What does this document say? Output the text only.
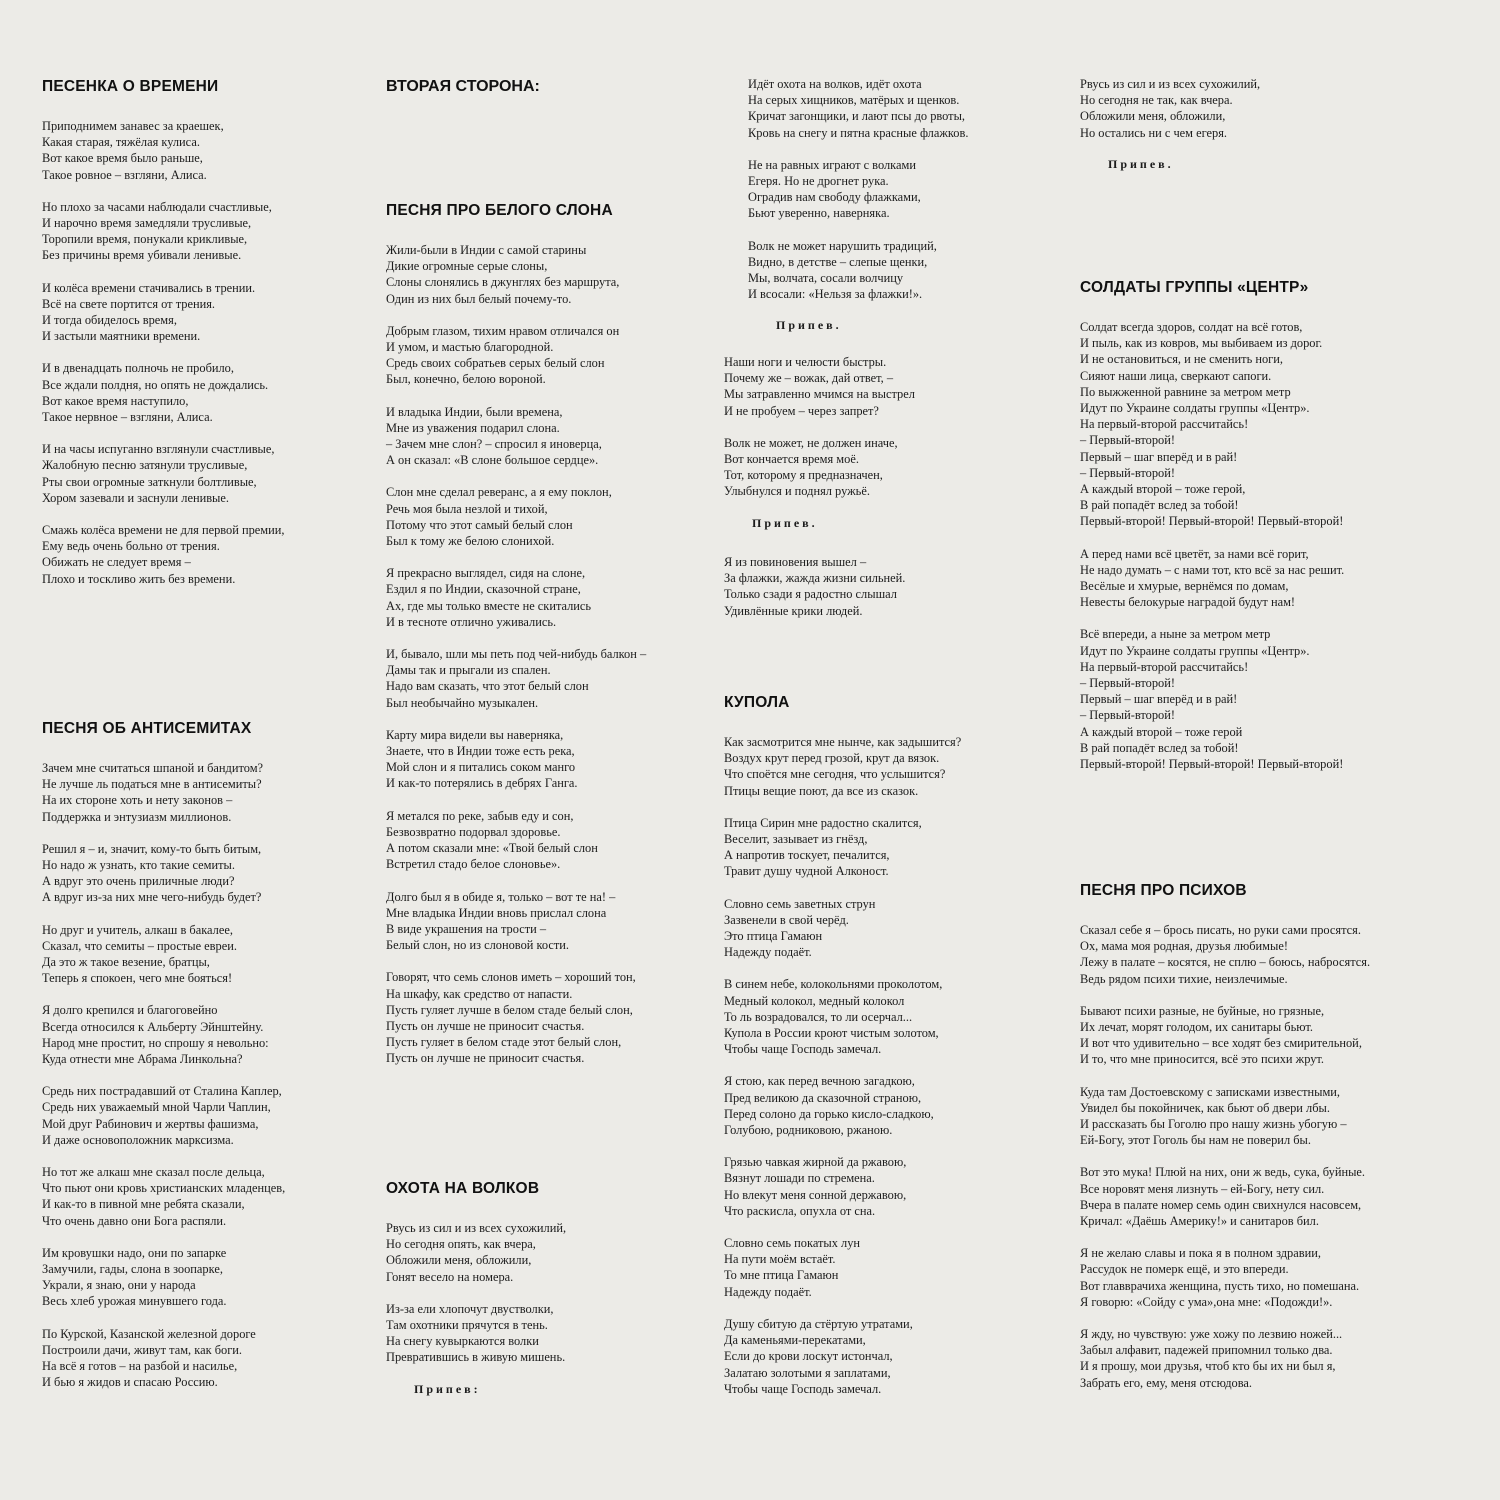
ПЕСЕНКА О ВРЕМЕНИ
Приподнимем занавес за краешек,
Какая старая, тяжёлая кулиса.
Вот какое время было раньше,
Такое ровное – взгляни, Алиса.
Но плохо за часами наблюдали счастливые,
И нарочно время замедляли трусливые,
Торопили время, понукали крикливые,
Без причины время убивали ленивые.
И колёса времени стачивались в трении.
Всё на свете портится от трения.
И тогда обиделось время,
И застыли маятники времени.
И в двенадцать полночь не пробило,
Все ждали полдня, но опять не дождались.
Вот какое время наступило,
Такое нервное – взгляни, Алиса.
И на часы испуганно взглянули счастливые,
Жалобную песню затянули трусливые,
Рты свои огромные заткнули болтливые,
Хором зазевали и заснули ленивые.
Смажь колёса времени не для первой премии,
Ему ведь очень больно от трения.
Обижать не следует время –
Плохо и тоскливо жить без времени.
ПЕСНЯ ОБ АНТИСЕМИТАХ
Зачем мне считаться шпаной и бандитом?
Не лучше ль податься мне в антисемиты?
На их стороне хоть и нету законов –
Поддержка и энтузиазм миллионов.
Решил я – и, значит, кому-то быть битым,
Но надо ж узнать, кто такие семиты.
А вдруг это очень приличные люди?
А вдруг из-за них мне чего-нибудь будет?
Но друг и учитель, алкаш в бакалее,
Сказал, что семиты – простые евреи.
Да это ж такое везение, братцы,
Теперь я спокоен, чего мне бояться!
Я долго крепился и благоговейно
Всегда относился к Альберту Эйнштейну.
Народ мне простит, но спрошу я невольно:
Куда отнести мне Абрама Линкольна?
Средь них пострадавший от Сталина Каплер,
Средь них уважаемый мной Чарли Чаплин,
Мой друг Рабинович и жертвы фашизма,
И даже основоположник марксизма.
Но тот же алкаш мне сказал после дельца,
Что пьют они кровь христианских младенцев,
И как-то в пивной мне ребята сказали,
Что очень давно они Бога распяли.
Им кровушки надо, они по запарке
Замучили, гады, слона в зоопарке,
Украли, я знаю, они у народа
Весь хлеб урожая минувшего года.
По Курской, Казанской железной дороге
Построили дачи, живут там, как боги.
На всё я готов – на разбой и насилье,
И бью я жидов и спасаю Россию.
ВТОРАЯ СТОРОНА:
ПЕСНЯ ПРО БЕЛОГО СЛОНА
Жили-были в Индии с самой старины
Дикие огромные серые слоны,
Слоны слонялись в джунглях без маршрута,
Один из них был белый почему-то.
Добрым глазом, тихим нравом отличался он
И умом, и мастью благородной.
Средь своих собратьев серых белый слон
Был, конечно, белою вороной.
И владыка Индии, были времена,
Мне из уважения подарил слона.
– Зачем мне слон? – спросил я иноверца,
А он сказал: «В слоне большое сердце».
Слон мне сделал реверанс, а я ему поклон,
Речь моя была незлой и тихой,
Потому что этот самый белый слон
Был к тому же белою слонихой.
Я прекрасно выглядел, сидя на слоне,
Ездил я по Индии, сказочной стране,
Ах, где мы только вместе не скитались
И в тесноте отлично уживались.
И, бывало, шли мы петь под чей-нибудь балкон –
Дамы так и прыгали из спален.
Надо вам сказать, что этот белый слон
Был необычайно музыкален.
Карту мира видели вы наверняка,
Знаете, что в Индии тоже есть река,
Мой слон и я питались соком манго
И как-то потерялись в дебрях Ганга.
Я метался по реке, забыв еду и сон,
Безвозвратно подорвал здоровье.
А потом сказали мне: «Твой белый слон
Встретил стадо белое слоновье».
Долго был я в обиде я, только – вот те на! –
Мне владыка Индии вновь прислал слона
В виде украшения на трости –
Белый слон, но из слоновой кости.
Говорят, что семь слонов иметь – хороший тон,
На шкафу, как средство от напасти.
Пусть гуляет лучше в белом стаде белый слон,
Пусть он лучше не приносит счастья.
Пусть гуляет в белом стаде этот белый слон,
Пусть он лучше не приносит счастья.
ОХОТА НА ВОЛКОВ
Рвусь из сил и из всех сухожилий,
Но сегодня опять, как вчера,
Обложили меня, обложили,
Гонят весело на номера.
Из-за ели хлопочут двустволки,
Там охотники прячутся в тень.
На снегу кувыркаются волки
Превратившись в живую мишень.
Припев:
Идёт охота на волков, идёт охота
На серых хищников, матёрых и щенков.
Кричат загонщики, и лают псы до рвоты,
Кровь на снегу и пятна красные флажков.
Не на равных играют с волками
Егеря. Но не дрогнет рука.
Оградив нам свободу флажками,
Бьют уверенно, наверняка.
Волк не может нарушить традиций,
Видно, в детстве – слепые щенки,
Мы, волчата, сосали волчицу
И всосали: «Нельзя за флажки!».
Припев.
Наши ноги и челюсти быстры.
Почему же – вожак, дай ответ, –
Мы затравленно мчимся на выстрел
И не пробуем – через запрет?
Волк не может, не должен иначе,
Вот кончается время моё.
Тот, которому я предназначен,
Улыбнулся и поднял ружьё.
Припев.
Я из повиновения вышел –
За флажки, жажда жизни сильней.
Только сзади я радостно слышал
Удивлённые крики людей.
КУПОЛА
Как засмотрится мне нынче, как задышится?
Воздух крут перед грозой, крут да вязок.
Что споётся мне сегодня, что услышится?
Птицы вещие поют, да все из сказок.
Птица Сирин мне радостно скалится,
Веселит, зазывает из гнёзд,
А напротив тоскует, печалится,
Травит душу чудной Алконост.
Словно семь заветных струн
Зазвенели в свой черёд.
Это птица Гамаюн
Надежду подаёт.
В синем небе, колокольнями проколотом,
Медный колокол, медный колокол
То ль возрадовался, то ли осерчал...
Купола в России кроют чистым золотом,
Чтобы чаще Господь замечал.
Я стою, как перед вечною загадкою,
Пред великою да сказочной страною,
Перед солоно да горько кисло-сладкою,
Голубою, родниковою, ржаною.
Грязью чавкая жирной да ржавою,
Вязнут лошади по стремена.
Но влекут меня сонной державою,
Что раскисла, опухла от сна.
Словно семь покатых лун
На пути моём встаёт.
То мне птица Гамаюн
Надежду подаёт.
Душу сбитую да стёртую утратами,
Да каменьями-перекатами,
Если до крови лоскут истончал,
Залатаю золотыми я заплатами,
Чтобы чаще Господь замечал.
Рвусь из сил и из всех сухожилий,
Но сегодня не так, как вчера.
Обложили меня, обложили,
Но остались ни с чем егеря.
Припев.
СОЛДАТЫ ГРУППЫ «ЦЕНТР»
Солдат всегда здоров, солдат на всё готов,
И пыль, как из ковров, мы выбиваем из дорог.
И не остановиться, и не сменить ноги,
Сияют наши лица, сверкают сапоги.
По выжженной равнине за метром метр
Идут по Украине солдаты группы «Центр».
На первый-второй рассчитайсь!
– Первый-второй!
Первый – шаг вперёд и в рай!
– Первый-второй!
А каждый второй – тоже герой,
В рай попадёт вслед за тобой!
Первый-второй! Первый-второй! Первый-второй!
А перед нами всё цветёт, за нами всё горит,
Не надо думать – с нами тот, кто всё за нас решит.
Весёлые и хмурые, вернёмся по домам,
Невесты белокурые наградой будут нам!
Всё впереди, а ныне за метром метр
Идут по Украине солдаты группы «Центр».
На первый-второй рассчитайсь!
– Первый-второй!
Первый – шаг вперёд и в рай!
– Первый-второй!
А каждый второй – тоже герой
В рай попадёт вслед за тобой!
Первый-второй! Первый-второй! Первый-второй!
ПЕСНЯ ПРО ПСИХОВ
Сказал себе я – брось писать, но руки сами просятся.
Ох, мама моя родная, друзья любимые!
Лежу в палате – косятся, не сплю – боюсь, набросятся.
Ведь рядом психи тихие, неизлечимые.
Бывают психи разные, не буйные, но грязные,
Их лечат, морят голодом, их санитары бьют.
И вот что удивительно – все ходят без смирительной,
И то, что мне приносится, всё это психи жрут.
Куда там Достоевскому с записками известными,
Увидел бы покойничек, как бьют об двери лбы.
И рассказать бы Гоголю про нашу жизнь убогую –
Ей-Богу, этот Гоголь бы нам не поверил бы.
Вот это мука! Плюй на них, они ж ведь, сука, буйные.
Все норовят меня лизнуть – ей-Богу, нету сил.
Вчера в палате номер семь один свихнулся насовсем,
Кричал: «Даёшь Америку!» и санитаров бил.
Я не желаю славы и пока я в полном здравии,
Рассудок не померк ещё, и это впереди.
Вот главврачиха женщина, пусть тихо, но помешана.
Я говорю: «Сойду с ума»,она мне: «Подожди!».
Я жду, но чувствую: уже хожу по лезвию ножей...
Забыл алфавит, падежей припомнил только два.
И я прошу, мои друзья, чтоб кто бы их ни был я,
Забрать его, ему, меня отсюдова.
